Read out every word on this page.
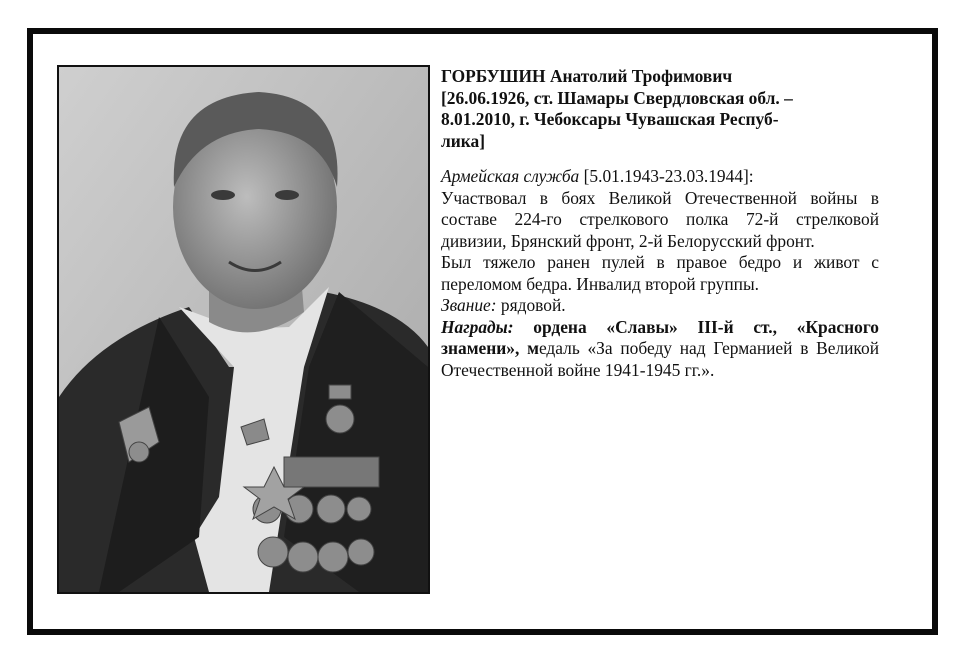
ГОРБУШИН Анатолий Трофимович
[26.06.1926, ст. Шамары Свердловская обл. –
8.01.2010, г. Чебоксары Чувашская Респуб-
лика]

Армейская служба [5.01.1943-23.03.1944]:
Участвовал в боях Великой Отечественной войны в составе 224-го стрелкового полка 72-й стрелковой дивизии, Брянский фронт, 2-й Белорусский фронт.

Был тяжело ранен пулей в правое бедро и живот с переломом бедра. Инвалид второй группы.

Звание: рядовой.

Награды: ордена «Славы» III-й ст., «Красного знамени», медаль «За победу над Германией в Великой Отечественной войне 1941-1945 гг.».
